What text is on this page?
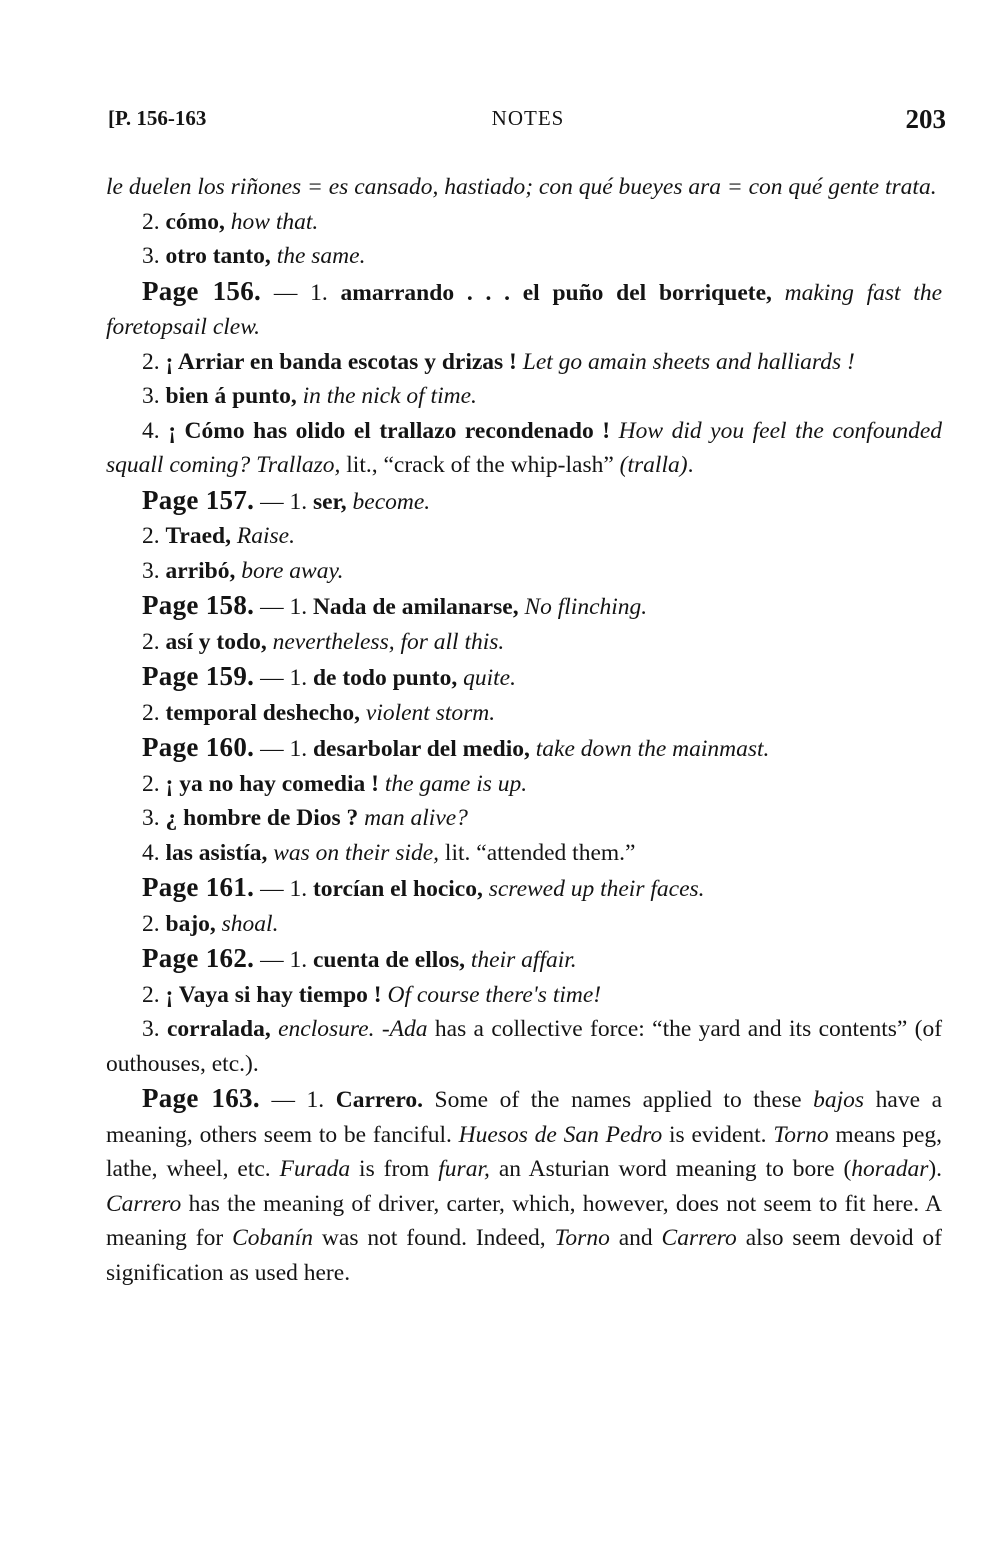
[P. 156-163	NOTES	203

le duelen los riñones = es cansado, hastiado; con qué bueyes ara = con qué gente trata.

2. cómo, how that.

3. otro tanto, the same.

Page 156. — 1. amarrando . . . el puño del borriquete, making fast the foretopsail clew.

2. ¡ Arriar en banda escotas y drizas ! Let go amain sheets and halliards !

3. bien á punto, in the nick of time.

4. ¡ Cómo has olido el trallazo recondenado ! How did you feel the confounded squall coming? Trallazo, lit., “crack of the whip-lash” (tralla).

Page 157. — 1. ser, become.

2. Traed, Raise.

3. arribó, bore away.

Page 158. — 1. Nada de amilanarse, No flinching.

2. así y todo, nevertheless, for all this.

Page 159. — 1. de todo punto, quite.

2. temporal deshecho, violent storm.

Page 160. — 1. desarbolar del medio, take down the mainmast.

2. ¡ ya no hay comedia ! the game is up.

3. ¿ hombre de Dios ? man alive?

4. las asistía, was on their side, lit. “attended them.”

Page 161. — 1. torcían el hocico, screwed up their faces.

2. bajo, shoal.

Page 162. — 1. cuenta de ellos, their affair.

2. ¡ Vaya si hay tiempo ! Of course there's time!

3. corralada, enclosure. -Ada has a collective force: “the yard and its contents” (of outhouses, etc.).

Page 163. — 1. Carrero. Some of the names applied to these bajos have a meaning, others seem to be fanciful. Huesos de San Pedro is evident. Torno means peg, lathe, wheel, etc. Furada is from furar, an Asturian word meaning to bore (horadar). Carrero has the meaning of driver, carter, which, however, does not seem to fit here. A meaning for Cobanín was not found. Indeed, Torno and Carrero also seem devoid of signification as used here.
